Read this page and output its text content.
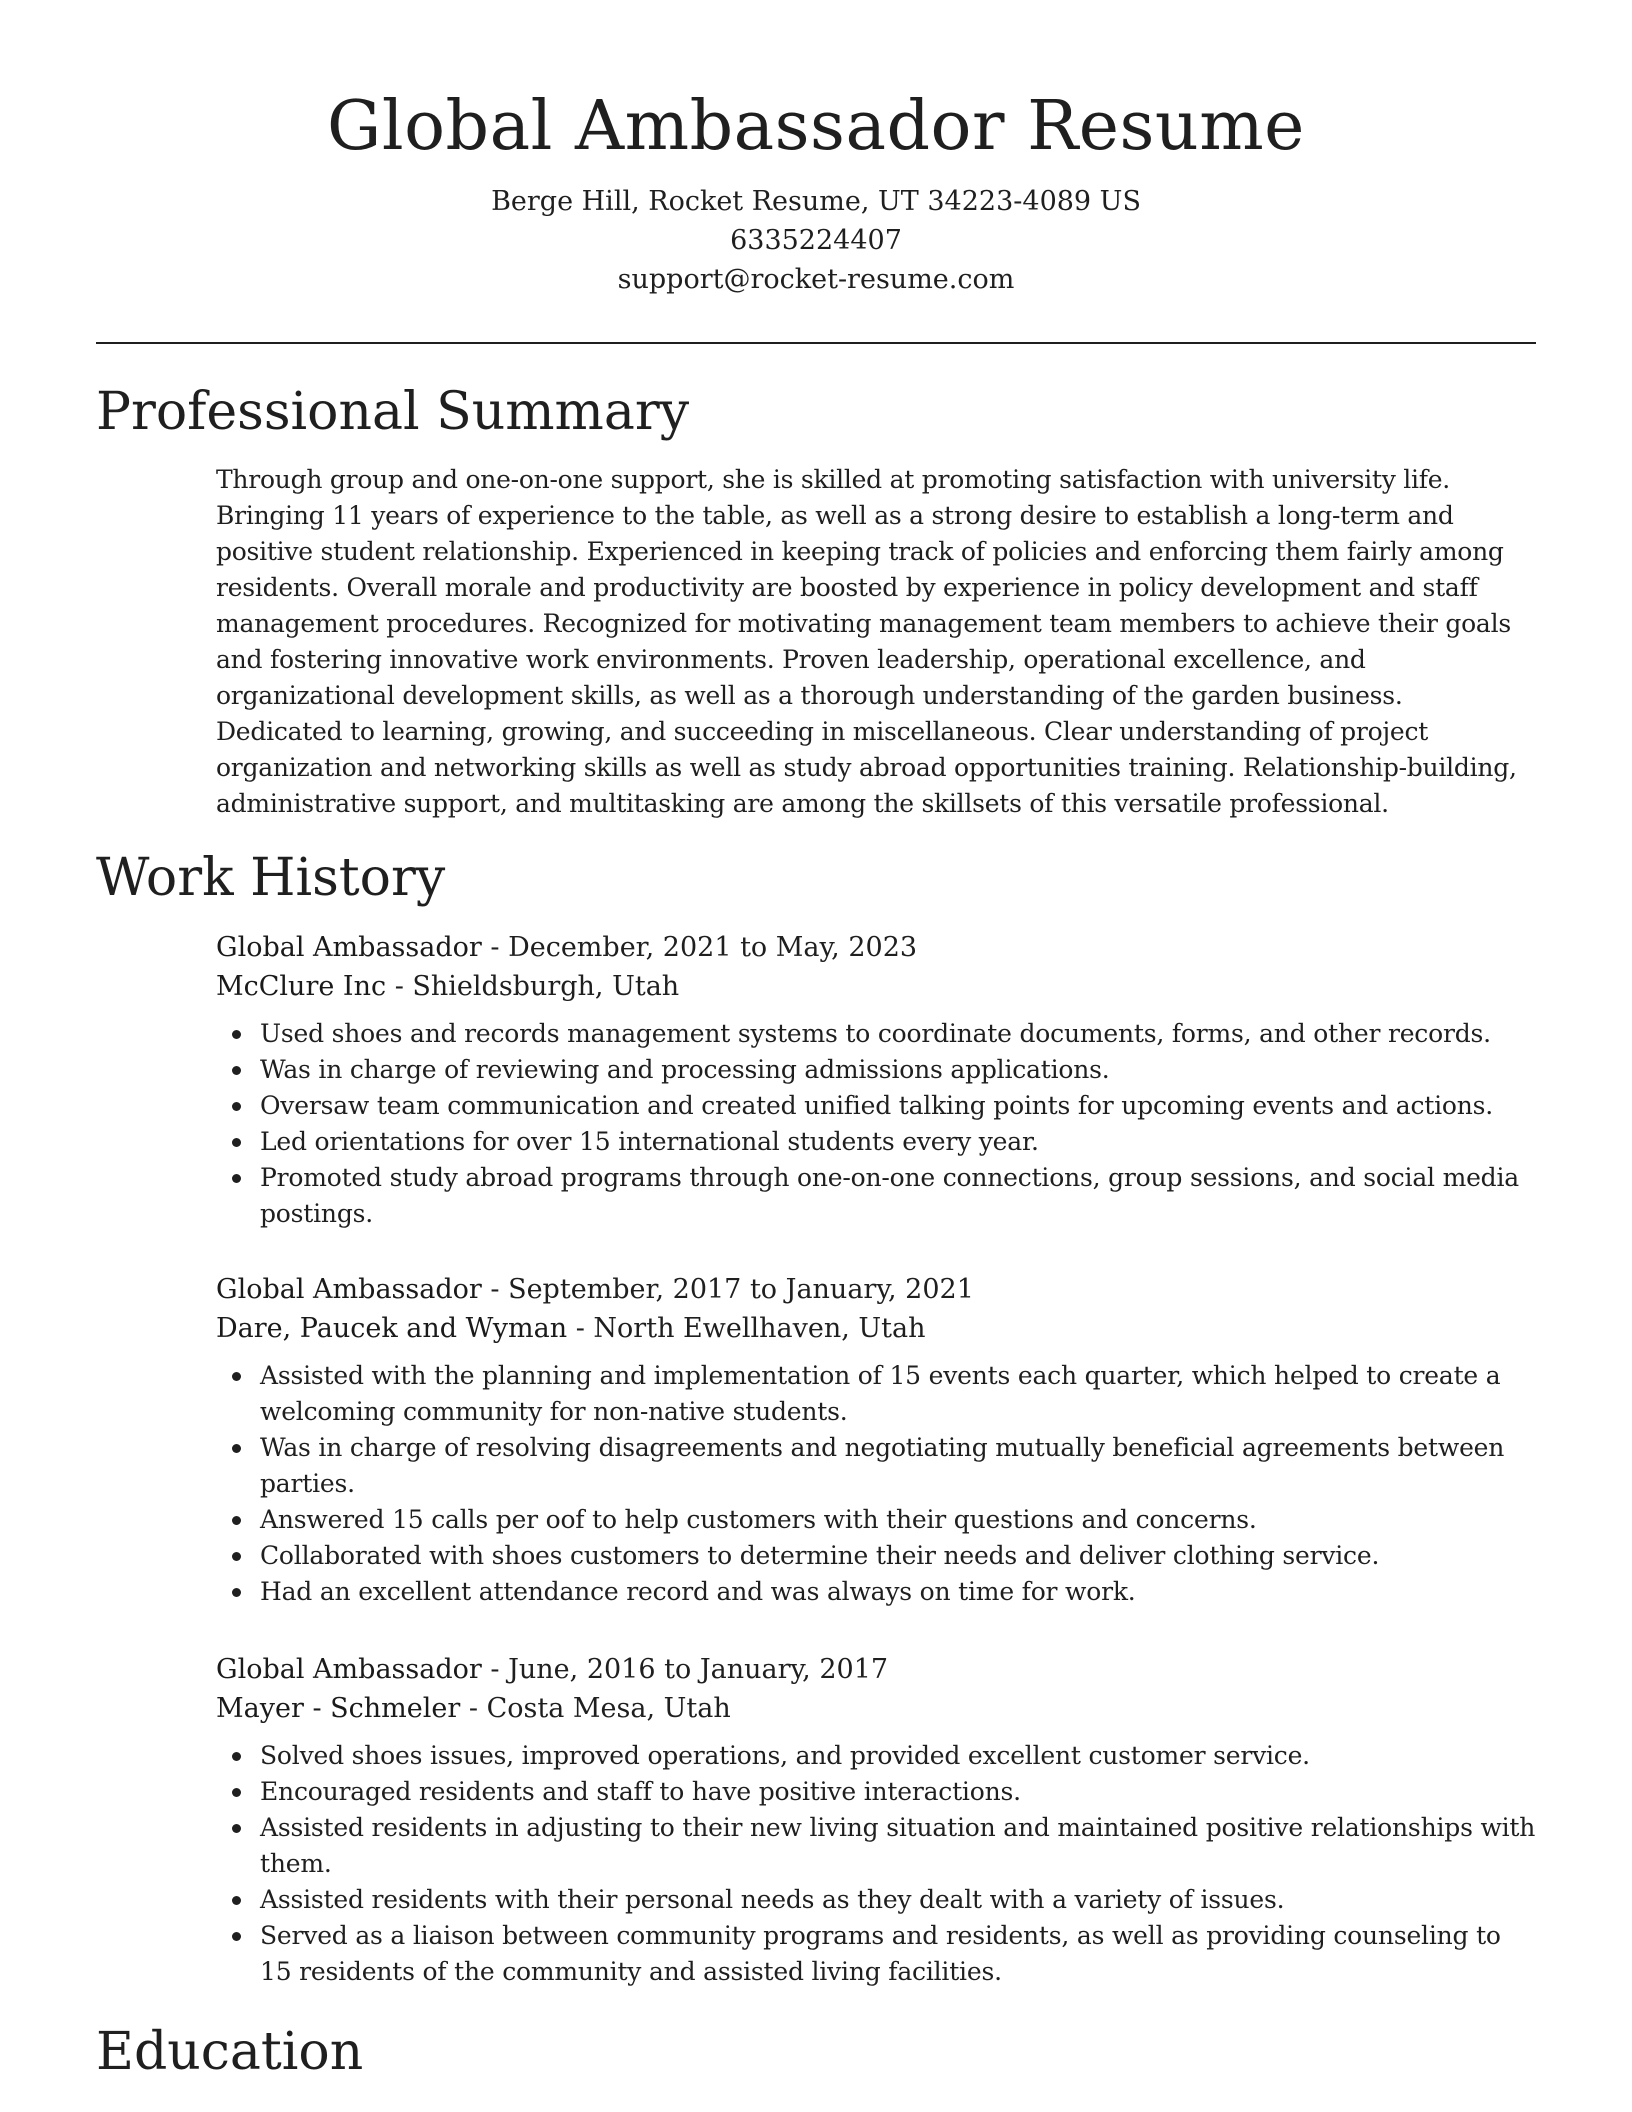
Global Ambassador Resume
Berge Hill, Rocket Resume, UT 34223-4089 US
6335224407
support@rocket-resume.com
Professional Summary

Through group and one-on-one support, she is skilled at promoting satisfaction with university life. Bringing 11 years of experience to the table, as well as a strong desire to establish a long-term and positive student relationship. Experienced in keeping track of policies and enforcing them fairly among residents. Overall morale and productivity are boosted by experience in policy development and staff management procedures. Recognized for motivating management team members to achieve their goals and fostering innovative work environments. Proven leadership, operational excellence, and organizational development skills, as well as a thorough understanding of the garden business. Dedicated to learning, growing, and succeeding in miscellaneous. Clear understanding of project organization and networking skills as well as study abroad opportunities training. Relationship-building, administrative support, and multitasking are among the skillsets of this versatile professional.

Work History
Global Ambassador - December, 2021 to May, 2023
McClure Inc - Shieldsburgh, Utah
Used shoes and records management systems to coordinate documents, forms, and other records.
Was in charge of reviewing and processing admissions applications.
Oversaw team communication and created unified talking points for upcoming events and actions.
Led orientations for over 15 international students every year.
Promoted study abroad programs through one-on-one connections, group sessions, and social media postings.
Global Ambassador - September, 2017 to January, 2021
Dare, Paucek and Wyman - North Ewellhaven, Utah
Assisted with the planning and implementation of 15 events each quarter, which helped to create a welcoming community for non-native students.
Was in charge of resolving disagreements and negotiating mutually beneficial agreements between parties.
Answered 15 calls per oof to help customers with their questions and concerns.
Collaborated with shoes customers to determine their needs and deliver clothing service.
Had an excellent attendance record and was always on time for work.
Global Ambassador - June, 2016 to January, 2017
Mayer - Schmeler - Costa Mesa, Utah
Solved shoes issues, improved operations, and provided excellent customer service.
Encouraged residents and staff to have positive interactions.
Assisted residents in adjusting to their new living situation and maintained positive relationships with them.
Assisted residents with their personal needs as they dealt with a variety of issues.
Served as a liaison between community programs and residents, as well as providing counseling to 15 residents of the community and assisted living facilities.
Education
